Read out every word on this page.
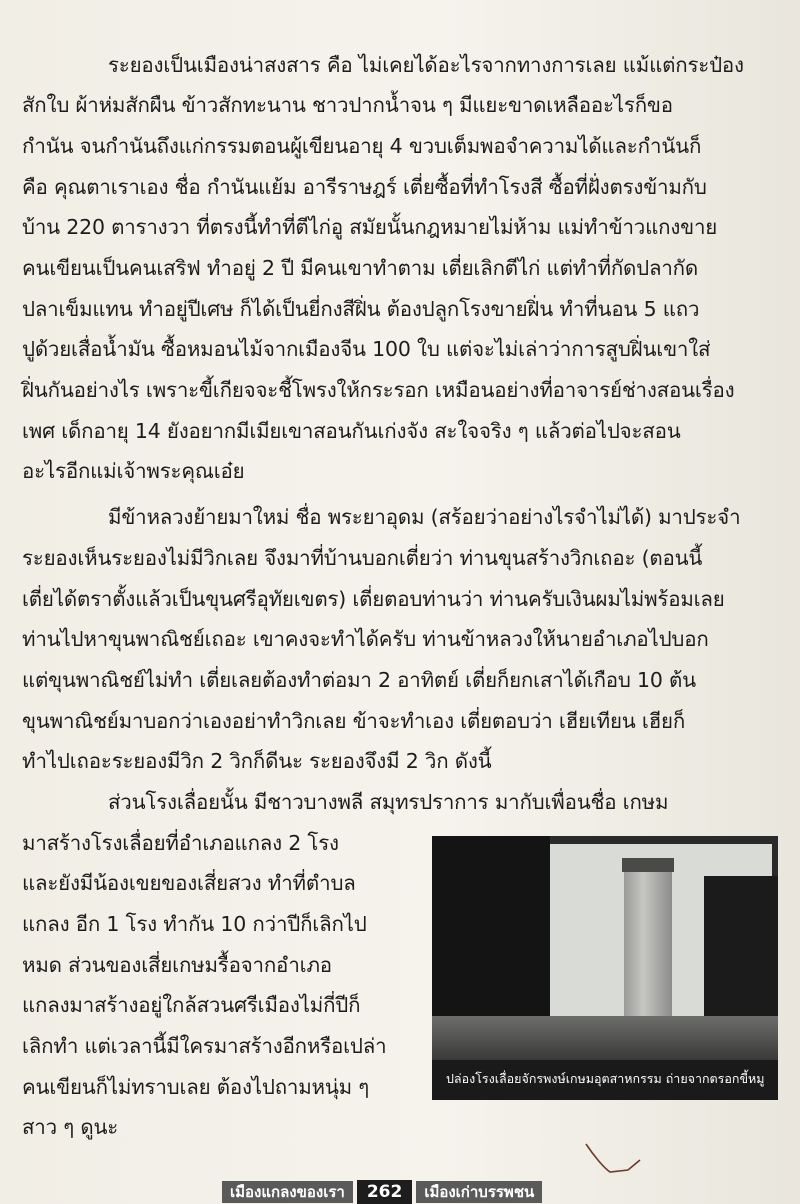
ระยองเป็นเมืองน่าสงสาร คือ ไม่เคยได้อะไรจากทางการเลย แม้แต่กระป๋อง
สักใบ ผ้าห่มสักผืน ข้าวสักทะนาน ชาวปากน้ำจน ๆ มีแยะขาดเหลืออะไรก็ขอ
กำนัน จนกำนันถึงแก่กรรมตอนผู้เขียนอายุ 4 ขวบเต็มพอจำความได้และกำนันก็
คือ คุณตาเราเอง ชื่อ กำนันแย้ม อารีราษฎร์ เตี่ยซื้อที่ทำโรงสี ซื้อที่ฝั่งตรงข้ามกับ
บ้าน 220 ตารางวา ที่ตรงนี้ทำที่ตีไก่อู สมัยนั้นกฎหมายไม่ห้าม แม่ทำข้าวแกงขาย
คนเขียนเป็นคนเสริฟ ทำอยู่ 2 ปี มีคนเขาทำตาม เตี่ยเลิกตีไก่ แต่ทำที่กัดปลากัด
ปลาเข็มแทน ทำอยู่ปีเศษ ก็ได้เป็นยี่กงสีฝิ่น ต้องปลูกโรงขายฝิ่น ทำที่นอน 5 แถว
ปูด้วยเสื่อน้ำมัน ซื้อหมอนไม้จากเมืองจีน 100 ใบ แต่จะไม่เล่าว่าการสูบฝิ่นเขาใส่
ฝิ่นกันอย่างไร เพราะขี้เกียจจะชี้โพรงให้กระรอก เหมือนอย่างที่อาจารย์ช่างสอนเรื่อง
เพศ เด็กอายุ 14 ยังอยากมีเมียเขาสอนกันเก่งจัง สะใจจริง ๆ แล้วต่อไปจะสอน
อะไรอีกแม่เจ้าพระคุณเอ๋ย
มีข้าหลวงย้ายมาใหม่ ชื่อ พระยาอุดม (สร้อยว่าอย่างไรจำไม่ได้) มาประจำ
ระยองเห็นระยองไม่มีวิกเลย จึงมาที่บ้านบอกเตี่ยว่า ท่านขุนสร้างวิกเถอะ (ตอนนี้
เตี่ยได้ตราตั้งแล้วเป็นขุนศรีอุทัยเขตร) เตี่ยตอบท่านว่า ท่านครับเงินผมไม่พร้อมเลย
ท่านไปหาขุนพาณิชย์เถอะ เขาคงจะทำได้ครับ ท่านข้าหลวงให้นายอำเภอไปบอก
แต่ขุนพาณิชย์ไม่ทำ เตี่ยเลยต้องทำต่อมา 2 อาทิตย์ เตี่ยก็ยกเสาได้เกือบ 10 ต้น
ขุนพาณิชย์มาบอกว่าเองอย่าทำวิกเลย ข้าจะทำเอง เตี่ยตอบว่า เฮียเทียน เฮียก็
ทำไปเถอะระยองมีวิก 2 วิกก็ดีนะ ระยองจึงมี 2 วิก ดังนี้
ส่วนโรงเลื่อยนั้น มีชาวบางพลี สมุทรปราการ มากับเพื่อนชื่อ เกษม
มาสร้างโรงเลื่อยที่อำเภอแกลง 2 โรง
และยังมีน้องเขยของเสี่ยสวง ทำที่ตำบล
แกลง อีก 1 โรง ทำกัน 10 กว่าปีก็เลิกไป
หมด ส่วนของเสี่ยเกษมรื้อจากอำเภอ
แกลงมาสร้างอยู่ใกล้สวนศรีเมืองไม่กี่ปีก็
เลิกทำ แต่เวลานี้มีใครมาสร้างอีกหรือเปล่า
คนเขียนก็ไม่ทราบเลย ต้องไปถามหนุ่ม ๆ
สาว ๆ ดูนะ
ปล่องโรงเลื่อยจักรพงษ์เกษมอุตสาหกรรม ถ่ายจากตรอกขี้หมู
เมืองแกลงของเรา	262	เมืองเก่าบรรพชน
